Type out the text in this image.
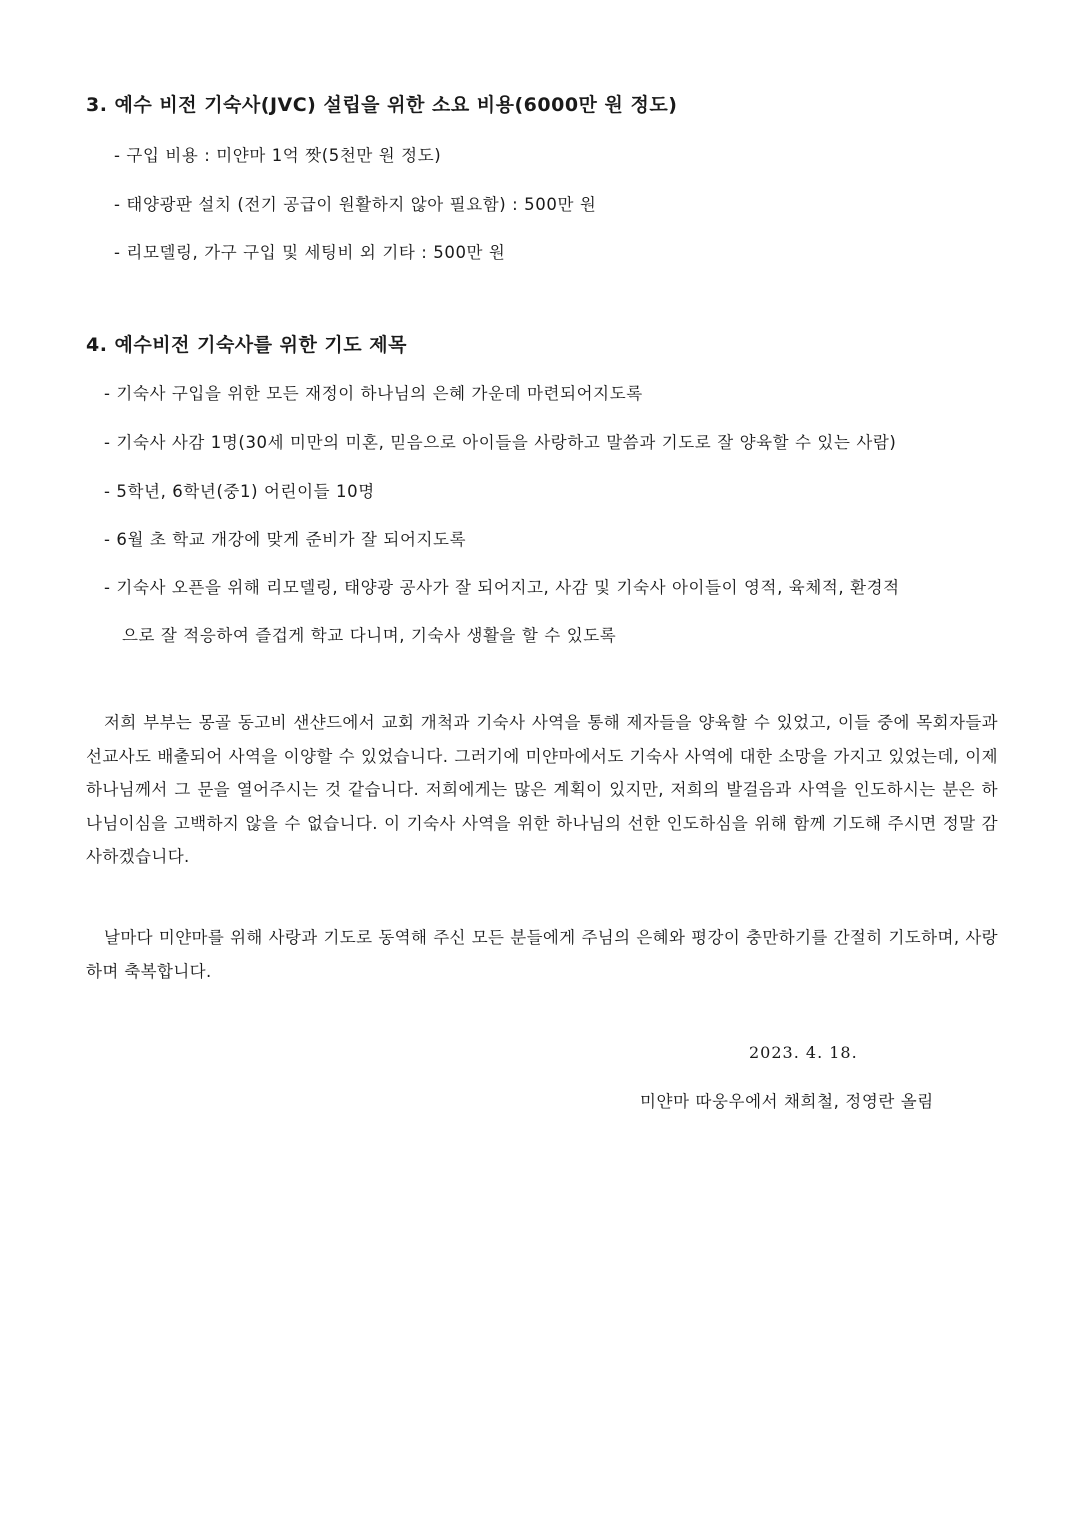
3. 예수 비전 기숙사(JVC) 설립을 위한 소요 비용(6000만 원 정도)
- 구입 비용 : 미얀마 1억 짯(5천만 원 정도)
- 태양광판 설치 (전기 공급이 원활하지 않아 필요함) : 500만 원
- 리모델링, 가구 구입 및 세팅비 외 기타 : 500만 원
4. 예수비전 기숙사를 위한 기도 제목
- 기숙사 구입을 위한 모든 재정이 하나님의 은혜 가운데 마련되어지도록
- 기숙사 사감 1명(30세 미만의 미혼, 믿음으로 아이들을 사랑하고 말씀과 기도로 잘 양육할 수 있는 사람)
- 5학년, 6학년(중1) 어린이들 10명
- 6월 초 학교 개강에 맞게 준비가 잘 되어지도록
- 기숙사 오픈을 위해 리모델링, 태양광 공사가 잘 되어지고, 사감 및 기숙사 아이들이 영적, 육체적, 환경적
으로 잘 적응하여 즐겁게 학교 다니며, 기숙사 생활을 할 수 있도록
저희 부부는 몽골 동고비 샌샨드에서 교회 개척과 기숙사 사역을 통해 제자들을 양육할 수 있었고, 이들 중에 목회자들과 선교사도 배출되어 사역을 이양할 수 있었습니다. 그러기에 미얀마에서도 기숙사 사역에 대한 소망을 가지고 있었는데, 이제 하나님께서 그 문을 열어주시는 것 같습니다. 저희에게는 많은 계획이 있지만, 저희의 발걸음과 사역을 인도하시는 분은 하나님이심을 고백하지 않을 수 없습니다. 이 기숙사 사역을 위한 하나님의 선한 인도하심을 위해 함께 기도해 주시면 정말 감사하겠습니다.
날마다 미얀마를 위해 사랑과 기도로 동역해 주신 모든 분들에게 주님의 은혜와 평강이 충만하기를 간절히 기도하며, 사랑하며 축복합니다.
2023. 4. 18.
미얀마 따웅우에서 채희철, 정영란 올림
